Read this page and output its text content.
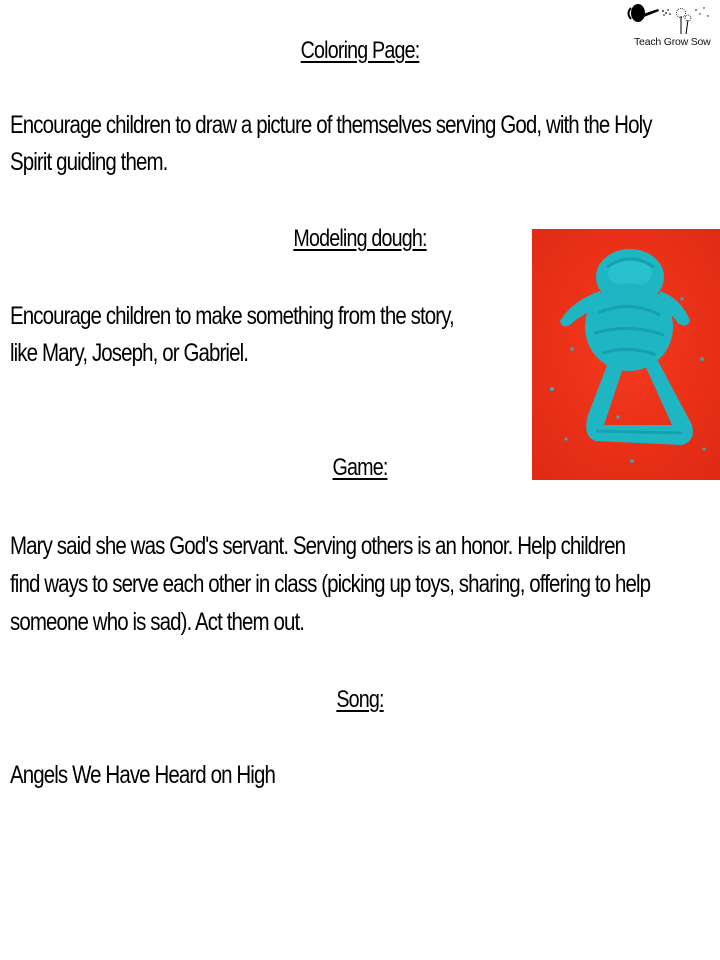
Teach Grow Sow
Coloring Page:

Encourage children to draw a picture of themselves serving God, with the Holy

Spirit guiding them.

Modeling dough:

Encourage children to make something from the story,

like Mary, Joseph, or Gabriel.

Game:

Mary said she was God's servant. Serving others is an honor. Help children

find ways to serve each other in class (picking up toys, sharing, offering to help

someone who is sad). Act them out.

Song:

Angels We Have Heard on High
